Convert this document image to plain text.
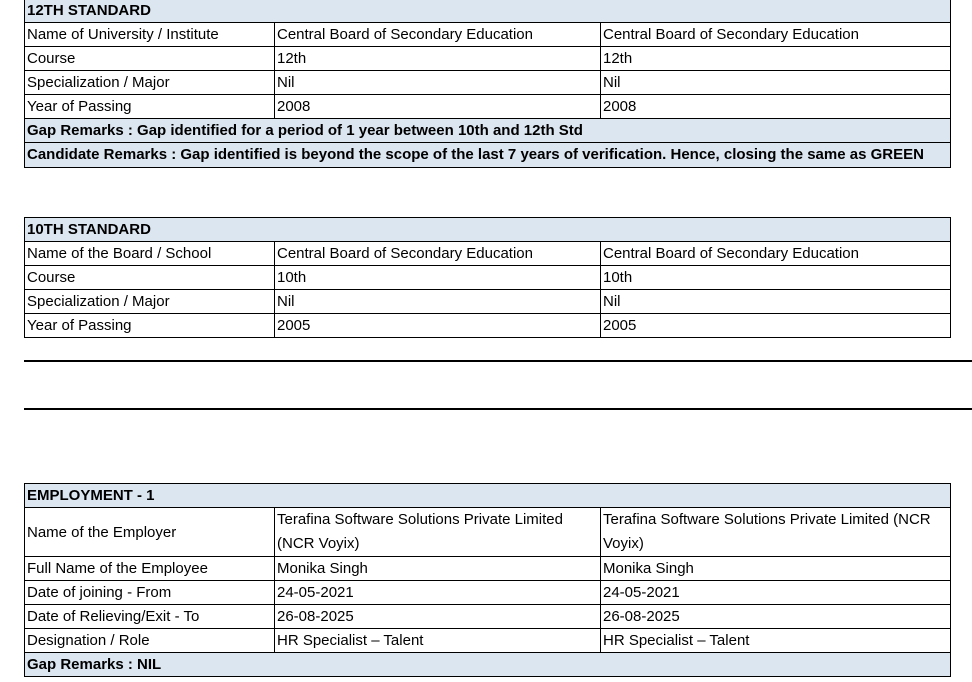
12TH STANDARD		
Name of University / Institute	Central Board of Secondary Education	Central Board of Secondary Education
Course	12th	12th
Specialization / Major	Nil	Nil
Year of Passing	2008	2008
Gap Remarks : Gap identified for a period of 1 year between 10th and 12th Std		
Candidate Remarks : Gap identified is beyond the scope of the last 7 years of verification. Hence, closing the same as GREEN		
10TH STANDARD		
Name of the Board / School	Central Board of Secondary Education	Central Board of Secondary Education
Course	10th	10th
Specialization / Major	Nil	Nil
Year of Passing	2005	2005
EMPLOYMENT - 1		
Name of the Employer	Terafina Software Solutions Private Limited (NCR Voyix)	Terafina Software Solutions Private Limited (NCR Voyix)
Full Name of the Employee	Monika Singh	Monika Singh
Date of joining - From	24-05-2021	24-05-2021
Date of Relieving/Exit - To	26-08-2025	26-08-2025
Designation / Role	HR Specialist – Talent	HR Specialist – Talent
Gap Remarks : NIL		
